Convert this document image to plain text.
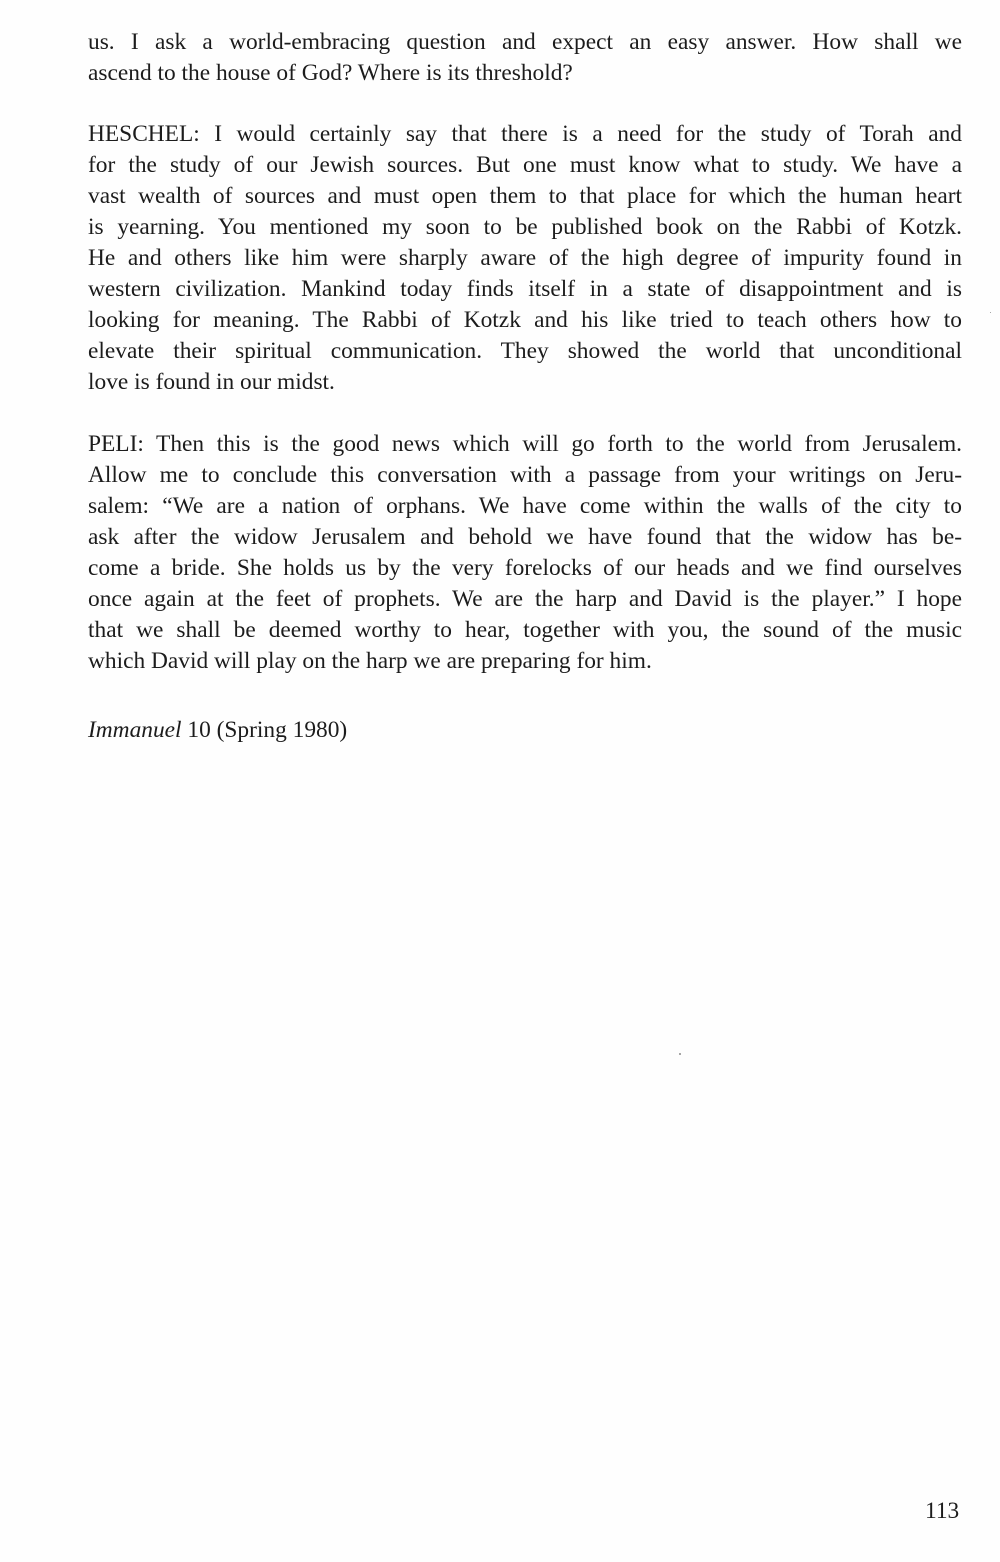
us. I ask a world-embracing question and expect an easy answer. How shall we
ascend to the house of God? Where is its threshold?
HESCHEL: I would certainly say that there is a need for the study of Torah and
for the study of our Jewish sources. But one must know what to study. We have a
vast wealth of sources and must open them to that place for which the human heart
is yearning. You mentioned my soon to be published book on the Rabbi of Kotzk.
He and others like him were sharply aware of the high degree of impurity found in
western civilization. Mankind today finds itself in a state of disappointment and is
looking for meaning. The Rabbi of Kotzk and his like tried to teach others how to
elevate their spiritual communication. They showed the world that unconditional
love is found in our midst.
PELI: Then this is the good news which will go forth to the world from Jerusalem.
Allow me to conclude this conversation with a passage from your writings on Jeru-
salem: “We are a nation of orphans. We have come within the walls of the city to
ask after the widow Jerusalem and behold we have found that the widow has be-
come a bride. She holds us by the very forelocks of our heads and we find ourselves
once again at the feet of prophets. We are the harp and David is the player.” I hope
that we shall be deemed worthy to hear, together with you, the sound of the music
which David will play on the harp we are preparing for him.
Immanuel 10 (Spring 1980)
113
